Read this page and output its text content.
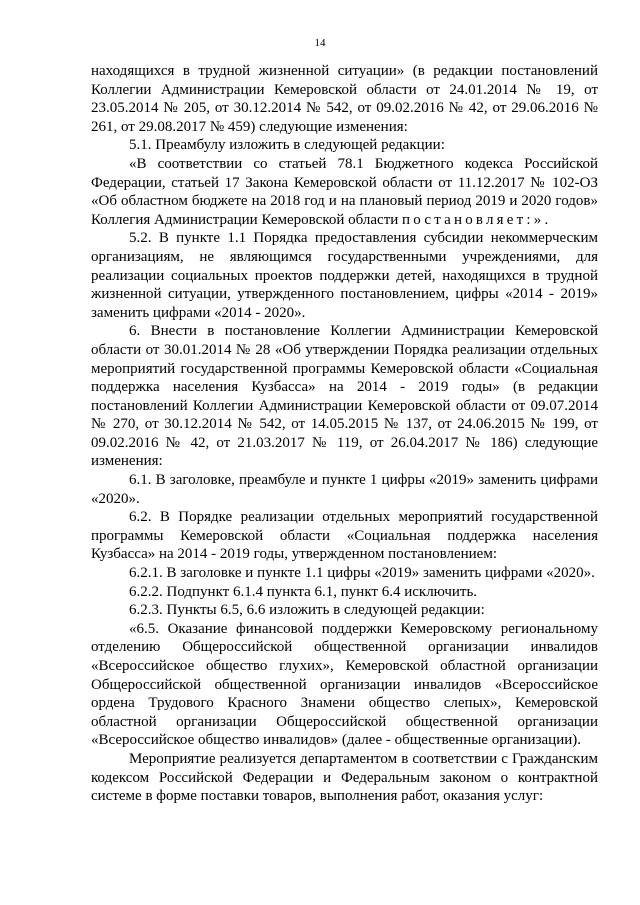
14

находящихся в трудной жизненной ситуации» (в редакции постановлений Коллегии Администрации Кемеровской области от 24.01.2014 № 19, от 23.05.2014 № 205, от 30.12.2014 № 542, от 09.02.2016 № 42, от 29.06.2016 № 261, от 29.08.2017 № 459) следующие изменения:

5.1. Преамбулу изложить в следующей редакции:

«В соответствии со статьей 78.1 Бюджетного кодекса Российской Федерации, статьей 17 Закона Кемеровской области от 11.12.2017 № 102-ОЗ «Об областном бюджете на 2018 год и на плановый период 2019 и 2020 годов» Коллегия Администрации Кемеровской области постановляет:».

5.2. В пункте 1.1 Порядка предоставления субсидии некоммерческим организациям, не являющимся государственными учреждениями, для реализации социальных проектов поддержки детей, находящихся в трудной жизненной ситуации, утвержденного постановлением, цифры «2014 - 2019» заменить цифрами «2014 - 2020».

6. Внести в постановление Коллегии Администрации Кемеровской области от 30.01.2014 № 28 «Об утверждении Порядка реализации отдельных мероприятий государственной программы Кемеровской области «Социальная поддержка населения Кузбасса» на 2014 - 2019 годы» (в редакции постановлений Коллегии Администрации Кемеровской области от 09.07.2014 № 270, от 30.12.2014 № 542, от 14.05.2015 № 137, от 24.06.2015 № 199, от 09.02.2016 № 42, от 21.03.2017 № 119, от 26.04.2017 № 186) следующие изменения:

6.1. В заголовке, преамбуле и пункте 1 цифры «2019» заменить цифрами «2020».

6.2. В Порядке реализации отдельных мероприятий государственной программы Кемеровской области «Социальная поддержка населения Кузбасса» на 2014 - 2019 годы, утвержденном постановлением:

6.2.1. В заголовке и пункте 1.1 цифры «2019» заменить цифрами «2020».

6.2.2. Подпункт 6.1.4 пункта 6.1, пункт 6.4 исключить.

6.2.3. Пункты 6.5, 6.6 изложить в следующей редакции:

«6.5. Оказание финансовой поддержки Кемеровскому региональному отделению Общероссийской общественной организации инвалидов «Всероссийское общество глухих», Кемеровской областной организации Общероссийской общественной организации инвалидов «Всероссийское ордена Трудового Красного Знамени общество слепых», Кемеровской областной организации Общероссийской общественной организации «Всероссийское общество инвалидов» (далее - общественные организации).

Мероприятие реализуется департаментом в соответствии с Гражданским кодексом Российской Федерации и Федеральным законом о контрактной системе в форме поставки товаров, выполнения работ, оказания услуг:
